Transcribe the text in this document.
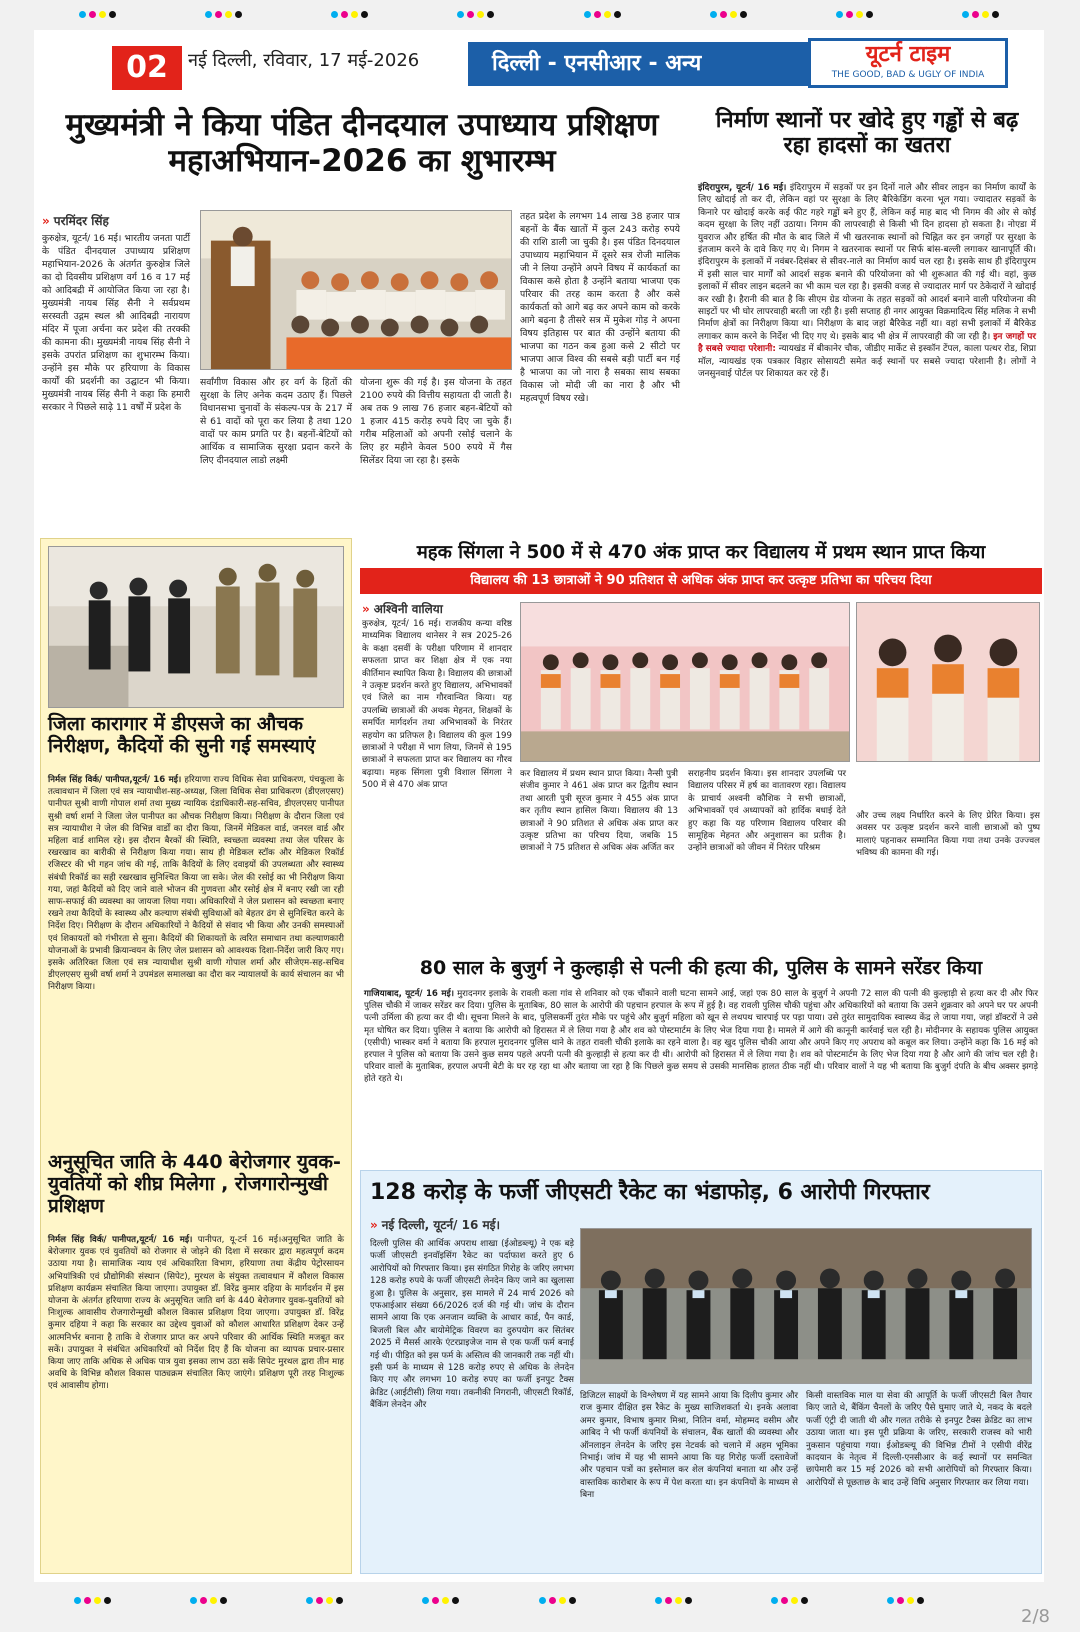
02	नई दिल्ली, रविवार, 17 मई-2026	दिल्ली - एनसीआर - अन्य	यूटर्न टाइम
THE GOOD, BAD & UGLY OF INDIA
मुख्यमंत्री ने किया पंडित दीनदयाल उपाध्याय प्रशिक्षण महाअभियान-2026 का शुभारम्भ
» परमिंदर सिंह
कुरुक्षेत्र, यूटर्न/ 16 मई। भारतीय जनता पार्टी के पंडित दीनदयाल उपाध्याय प्रशिक्षण महाभियान-2026 के अंतर्गत कुरुक्षेत्र जिले का दो दिवसीय प्रशिक्षण वर्ग 16 व 17 मई को आदिबद्री में आयोजित किया जा रहा है। मुख्यमंत्री नायब सिंह सैनी ने सर्वप्रथम सरस्वती उद्गम स्थल श्री आदिबद्री नारायण मंदिर में पूजा अर्चना कर प्रदेश की तरक्की की कामना की। मुख्यमंत्री नायब सिंह सैनी ने इसके उपरांत प्रशिक्षण का शुभारम्भ किया। उन्होंने इस मौके पर हरियाणा के विकास कार्यों की प्रदर्शनी का उद्घाटन भी किया। मुख्यमंत्री नायब सिंह सैनी ने कहा कि हमारी सरकार ने पिछले साढ़े 11 वर्षों में प्रदेश के
सर्वांगीण विकास और हर वर्ग के हितों की सुरक्षा के लिए अनेक कदम उठाए हैं। पिछले विधानसभा चुनावों के संकल्प-पत्र के 217 में से 61 वादों को पूरा कर लिया है तथा 120 वादों पर काम प्रगति पर है। बहनों-बेटियों को आर्थिक व सामाजिक सुरक्षा प्रदान करने के लिए दीनदयाल लाडो लक्ष्मी
योजना शुरू की गई है। इस योजना के तहत 2100 रुपये की वित्तीय सहायता दी जाती है। अब तक 9 लाख 76 हजार बहन-बेटियों को 1 हजार 415 करोड़ रुपये दिए जा चुके हैं। गरीब महिलाओं को अपनी रसोई चलाने के लिए हर महीने केवल 500 रुपये में गैस सिलेंडर दिया जा रहा है। इसके
तहत प्रदेश के लगभग 14 लाख 38 हजार पात्र बहनों के बैंक खातों में कुल 243 करोड़ रुपये की राशि डाली जा चुकी है। इस पंडित दिनदयाल उपाध्याय महाभियान में दूसरे सत्र रोजी मालिक जी ने लिया उन्होंने अपने विषय में कार्यकर्ता का विकास कसे होता है उन्होंने बताया भाजपा एक परिवार की तरह काम करता है और कसे कार्यकर्ता को आगे बढ़ कर अपने काम को करके आगे बढ़ना है तीसरे सत्र में मुकेश गोड़ ने अपना विषय इतिहास पर बात की उन्होंने बताया की भाजपा का गठन कब हुआ कसे 2 सीटो पर भाजपा आज विश्व की सबसे बड़ी पार्टी बन गई है भाजपा का जो नारा है सबका साथ सबका विकास जो मोदी जी का नारा है और भी महत्वपूर्ण विषय रखे।
निर्माण स्थानों पर खोदे हुए गड्ढों से बढ़ रहा हादसों का खतरा
इंदिरापुरम, यूटर्न/ 16 मई। इंदिरापुरम में सड़कों पर इन दिनों नाले और सीवर लाइन का निर्माण कार्यों के लिए खोदाई तो कर दी, लेकिन वहां पर सुरक्षा के लिए बैरिकेडिंग करना भूल गया। ज्यादातर सड़कों के किनारे पर खोदाई करके कई फीट गहरे गड्ढों बने हुए हैं, लेकिन कई माह बाद भी निगम की ओर से कोई कदम सुरक्षा के लिए नहीं उठाया। निगम की लापरवाही से किसी भी दिन हादसा हो सकता है। नोएडा में युवराज और हर्षित की मौत के बाद जिले में भी खतरनाक स्थानों को चिह्नित कर इन जगहों पर सुरक्षा के इंतजाम करने के दावे किए गए थे। निगम ने खतरनाक स्थानों पर सिर्फ बांस-बल्ली लगाकर खानापूर्ति की। इंदिरापुरम के इलाकों में नवंबर-दिसंबर से सीवर-नाले का निर्माण कार्य चल रहा है। इसके साथ ही इंदिरापुरम में इसी साल चार मार्गों को आदर्श सड़क बनाने की परियोजना को भी शुरूआत की गई थी। वहां, कुछ इलाकों में सीवर लाइन बदलने का भी काम चल रहा है। इसकी वजह से ज्यादातर मार्ग पर ठेकेदारों ने खोदाई कर रखी है। हैरानी की बात है कि सीएम ग्रेड योजना के तहत सड़कों को आदर्श बनाने वाली परियोजना की साइटों पर भी घोर लापरवाही बरती जा रही है। इसी सप्ताह ही नगर आयुक्त विक्रमादित्य सिंह मलिक ने सभी निर्माण क्षेत्रों का निरीक्षण किया था। निरीक्षण के बाद जहां बैरिकेड नहीं था। वहां सभी इलाकों में बैरिकेड लगाकर काम करने के निर्देश भी दिए गए थे। इसके बाद भी क्षेत्र में लापरवाही की जा रही है। इन जगहों पर है सबसे ज्यादा परेशानी: न्यायखंड में बीकानेर चौक, जीडीए मार्केट से इस्कॉन टेंपल, काला पत्थर रोड, शिप्रा मॉल, न्यायखंड एक पत्रकार विहार सोसायटी समेत कई स्थानों पर सबसे ज्यादा परेशानी है। लोगों ने जनसुनवाई पोर्टल पर शिकायत कर रहे हैं।
जिला कारागार में डीएसजे का औचक निरीक्षण, कैदियों की सुनी गई समस्याएं
निर्मल सिंह विर्क/ पानीपत,यूटर्न/ 16 मई। हरियाणा राज्य विधिक सेवा प्राधिकरण, पंचकूला के तत्वावधान में जिला एवं सत्र न्यायाधीश-सह-अध्यक्ष, जिला विधिक सेवा प्राधिकरण (डीएलएसए) पानीपत सुश्री वाणी गोपाल शर्मा तथा मुख्य न्यायिक दंडाधिकारी-सह-सचिव, डीएलएसए पानीपत सुश्री वर्षा शर्मा ने जिला जेल पानीपत का औचक निरीक्षण किया। निरीक्षण के दौरान जिला एवं सत्र न्यायाधीश ने जेल की विभिन्न वार्डों का दौरा किया, जिनमें मेडिकल वार्ड, जनरल वार्ड और महिला वार्ड शामिल रहे। इस दौरान बैरकों की स्थिति, स्वच्छता व्यवस्था तथा जेल परिसर के रखरखाव का बारीकी से निरीक्षण किया गया। साथ ही मेडिकल स्टॉक और मेडिकल रिकॉर्ड रजिस्टर की भी गहन जांच की गई, ताकि कैदियों के लिए दवाइयों की उपलब्धता और स्वास्थ्य संबंधी रिकॉर्ड का सही रखरखाव सुनिश्चित किया जा सके। जेल की रसोई का भी निरीक्षण किया गया, जहां कैदियों को दिए जाने वाले भोजन की गुणवत्ता और रसोई क्षेत्र में बनाए रखी जा रही साफ-सफाई की व्यवस्था का जायजा लिया गया। अधिकारियों ने जेल प्रशासन को स्वच्छता बनाए रखने तथा कैदियों के स्वास्थ्य और कल्याण संबंधी सुविधाओं को बेहतर ढंग से सुनिश्चित करने के निर्देश दिए। निरीक्षण के दौरान अधिकारियों ने कैदियों से संवाद भी किया और उनकी समस्याओं एवं शिकायतों को गंभीरता से सुना। कैदियों की शिकायतों के त्वरित समाधान तथा कल्याणकारी योजनाओं के प्रभावी क्रियान्वयन के लिए जेल प्रशासन को आवश्यक दिशा-निर्देश जारी किए गए। इसके अतिरिक्त जिला एवं सत्र न्यायाधीश सुश्री वाणी गोपाल शर्मा और सीजेएम-सह-सचिव डीएलएसए सुश्री वर्षा शर्मा ने उपमंडल समालखा का दौरा कर न्यायालयों के कार्य संचालन का भी निरीक्षण किया।
अनुसूचित जाति के 440 बेरोजगार युवक-युवतियों को शीघ्र मिलेगा , रोजगारोन्मुखी प्रशिक्षण
निर्मल सिंह विर्क/ पानीपत,यूटर्न/ 16 मई। पानीपत, यू-टर्न 16 मई।अनुसूचित जाति के बेरोजगार युवक एवं युवतियों को रोजगार से जोड़ने की दिशा में सरकार द्वारा महत्वपूर्ण कदम उठाया गया है। सामाजिक न्याय एवं अधिकारिता विभाग, हरियाणा तथा केंद्रीय पेट्रोरसायन अभियांत्रिकी एवं प्रौद्योगिकी संस्थान (सिपेट), मुरथल के संयुक्त तत्वावधान में कौशल विकास प्रशिक्षण कार्यक्रम संचालित किया जाएगा। उपायुक्त डॉ. विरेंद्र कुमार दहिया के मार्गदर्शन में इस योजना के अंतर्गत हरियाणा राज्य के अनुसूचित जाति वर्ग के 440 बेरोजगार युवक-युवतियों को निःशुल्क आवासीय रोजगारोन्मुखी कौशल विकास प्रशिक्षण दिया जाएगा। उपायुक्त डॉ. विरेंद्र कुमार दहिया ने कहा कि सरकार का उद्देश्य युवाओं को कौशल आधारित प्रशिक्षण देकर उन्हें आत्मनिर्भर बनाना है ताकि वे रोजगार प्राप्त कर अपने परिवार की आर्थिक स्थिति मजबूत कर सकें। उपायुक्त ने संबंधित अधिकारियों को निर्देश दिए हैं कि योजना का व्यापक प्रचार-प्रसार किया जाए ताकि अधिक से अधिक पात्र युवा इसका लाभ उठा सकें सिपेट मुरथल द्वारा तीन माह अवधि के विभिन्न कौशल विकास पाठ्यक्रम संचालित किए जाएंगे। प्रशिक्षण पूरी तरह निःशुल्क एवं आवासीय होगा।
महक सिंगला ने 500 में से 470 अंक प्राप्त कर विद्यालय में प्रथम स्थान प्राप्त किया
विद्यालय की 13 छात्राओं ने 90 प्रतिशत से अधिक अंक प्राप्त कर उत्कृष्ट प्रतिभा का परिचय दिया
» अश्विनी वालिया
कुरुक्षेत्र, यूटर्न/ 16 मई। राजकीय कन्या वरिष्ठ माध्यमिक विद्यालय थानेसर ने सत्र 2025-26 के कक्षा दसवीं के परीक्षा परिणाम में शानदार सफलता प्राप्त कर शिक्षा क्षेत्र में एक नया कीर्तिमान स्थापित किया है। विद्यालय की छात्राओं ने उत्कृष्ट प्रदर्शन करते हुए विद्यालय, अभिभावकों एवं जिले का नाम गौरवान्वित किया। यह उपलब्धि छात्राओं की अथक मेहनत, शिक्षकों के समर्पित मार्गदर्शन तथा अभिभावकों के निरंतर सहयोग का प्रतिफल है। विद्यालय की कुल 199 छात्राओं ने परीक्षा में भाग लिया, जिनमें से 195 छात्राओं ने सफलता प्राप्त कर विद्यालय का गौरव बढ़ाया। महक सिंगला पुत्री विशाल सिंगला ने 500 में से 470 अंक प्राप्त
कर विद्यालय में प्रथम स्थान प्राप्त किया। नैन्सी पुत्री संजीव कुमार ने 461 अंक प्राप्त कर द्वितीय स्थान तथा आरती पुत्री सूरज कुमार ने 455 अंक प्राप्त कर तृतीय स्थान हासिल किया। विद्यालय की 13 छात्राओं ने 90 प्रतिशत से अधिक अंक प्राप्त कर उत्कृष्ट प्रतिभा का परिचय दिया, जबकि 15 छात्राओं ने 75 प्रतिशत से अधिक अंक अर्जित कर
सराहनीय प्रदर्शन किया। इस शानदार उपलब्धि पर विद्यालय परिसर में हर्ष का वातावरण रहा। विद्यालय के प्राचार्य अश्वनी कौशिक ने सभी छात्राओं, अभिभावकों एवं अध्यापकों को हार्दिक बधाई देते हुए कहा कि यह परिणाम विद्यालय परिवार की सामूहिक मेहनत और अनुशासन का प्रतीक है। उन्होंने छात्राओं को जीवन में निरंतर परिश्रम
और उच्च लक्ष्य निर्धारित करने के लिए प्रेरित किया। इस अवसर पर उत्कृष्ट प्रदर्शन करने वाली छात्राओं को पुष्प मालाएं पहनाकर सम्मानित किया गया तथा उनके उज्ज्वल भविष्य की कामना की गई।
80 साल के बुजुर्ग ने कुल्हाड़ी से पत्नी की हत्या की, पुलिस के सामने सरेंडर किया
गाजियाबाद, यूटर्न/ 16 मई। मुरादनगर इलाके के रावली कला गांव से शनिवार को एक चौंकाने वाली घटना सामने आई, जहां एक 80 साल के बुजुर्ग ने अपनी 72 साल की पत्नी की कुल्हाड़ी से हत्या कर दी और फिर पुलिस चौकी में जाकर सरेंडर कर दिया। पुलिस के मुताबिक, 80 साल के आरोपी की पहचान हरपाल के रूप में हुई है। वह रावली पुलिस चौकी पहुंचा और अधिकारियों को बताया कि उसने शुक्रवार को अपने घर पर अपनी पत्नी उर्मिला की हत्या कर दी थी। सूचना मिलने के बाद, पुलिसकर्मी तुरंत मौके पर पहुंचे और बुजुर्ग महिला को खून से लथपथ चारपाई पर पड़ा पाया। उसे तुरंत सामुदायिक स्वास्थ्य केंद्र ले जाया गया, जहां डॉक्टरों ने उसे मृत घोषित कर दिया। पुलिस ने बताया कि आरोपी को हिरासत में ले लिया गया है और शव को पोस्टमार्टम के लिए भेज दिया गया है। मामले में आगे की कानूनी कार्रवाई चल रही है। मोदीनगर के सहायक पुलिस आयुक्त (एसीपी) भास्कर वर्मा ने बताया कि हरपाल मुरादनगर पुलिस थाने के तहत रावली चौकी इलाके का रहने वाला है। वह खुद पुलिस चौकी आया और अपने किए गए अपराध को कबूल कर लिया। उन्होंने कहा कि 16 मई को हरपाल ने पुलिस को बताया कि उसने कुछ समय पहले अपनी पत्नी की कुल्हाड़ी से हत्या कर दी थी। आरोपी को हिरासत में ले लिया गया है। शव को पोस्टमार्टम के लिए भेज दिया गया है और आगे की जांच चल रही है। परिवार वालों के मुताबिक, हरपाल अपनी बेटी के घर रह रहा था और बताया जा रहा है कि पिछले कुछ समय से उसकी मानसिक हालत ठीक नहीं थी। परिवार वालों ने यह भी बताया कि बुजुर्ग दंपति के बीच अक्सर झगड़े होते रहते थे।
128 करोड़ के फर्जी जीएसटी रैकेट का भंडाफोड़, 6 आरोपी गिरफ्तार
» नई दिल्ली, यूटर्न/ 16 मई।
दिल्ली पुलिस की आर्थिक अपराध शाखा (ईओडब्ल्यू) ने एक बड़े फर्जी जीएसटी इनवॉइसिंग रैकेट का पर्दाफाश करते हुए 6 आरोपियों को गिरफ्तार किया। इस संगठित गिरोह के जरिए लगभग 128 करोड़ रुपये के फर्जी जीएसटी लेनदेन किए जाने का खुलासा हुआ है। पुलिस के अनुसार, इस मामले में 24 मार्च 2026 को एफआईआर संख्या 66/2026 दर्ज की गई थी। जांच के दौरान सामने आया कि एक अनजान व्यक्ति के आधार कार्ड, पैन कार्ड, बिजली बिल और बायोमेट्रिक विवरण का दुरुपयोग कर सितंबर 2025 में मैसर्स आरके एंटरप्राइजेज नाम से एक फर्जी फर्म बनाई गई थी। पीड़ित को इस फर्म के अस्तित्व की जानकारी तक नहीं थी। इसी फर्म के माध्यम से 128 करोड़ रुपए से अधिक के लेनदेन किए गए और लगभग 10 करोड़ रुपए का फर्जी इनपुट टैक्स क्रेडिट (आईटीसी) लिया गया। तकनीकी निगरानी, जीएसटी रिकॉर्ड, बैंकिंग लेनदेन और
डिजिटल साक्ष्यों के विश्लेषण में यह सामने आया कि दिलीप कुमार और राज कुमार दीक्षित इस रैकेट के मुख्य साजिशकर्ता थे। इनके अलावा अमर कुमार, विभाष कुमार मिश्रा, नितिन वर्मा, मोहम्मद वसीम और आबिद ने भी फर्जी कंपनियों के संचालन, बैंक खातों की व्यवस्था और ऑनलाइन लेनदेन के जरिए इस नेटवर्क को चलाने में अहम भूमिका निभाई। जांच में यह भी सामने आया कि यह गिरोह फर्जी दस्तावेजों और पहचान पत्रों का इस्तेमाल कर शेल कंपनियां बनाता था और उन्हें वास्तविक कारोबार के रूप में पेश करता था। इन कंपनियों के माध्यम से बिना
किसी वास्तविक माल या सेवा की आपूर्ति के फर्जी जीएसटी बिल तैयार किए जाते थे, बैंकिंग चैनलों के जरिए पैसे घुमाए जाते थे, नकद के बदले फर्जी एंट्री दी जाती थी और गलत तरीके से इनपुट टैक्स क्रेडिट का लाभ उठाया जाता था। इस पूरी प्रक्रिया के जरिए, सरकारी राजस्व को भारी नुकसान पहुंचाया गया। ईओडब्ल्यू की विभिन्न टीमों ने एसीपी वीरेंद्र कादयान के नेतृत्व में दिल्ली-एनसीआर के कई स्थानों पर समन्वित छापेमारी कर 15 मई 2026 को सभी आरोपियों को गिरफ्तार किया। आरोपियों से पूछताछ के बाद उन्हें विधि अनुसार गिरफ्तार कर लिया गया।
2/8
